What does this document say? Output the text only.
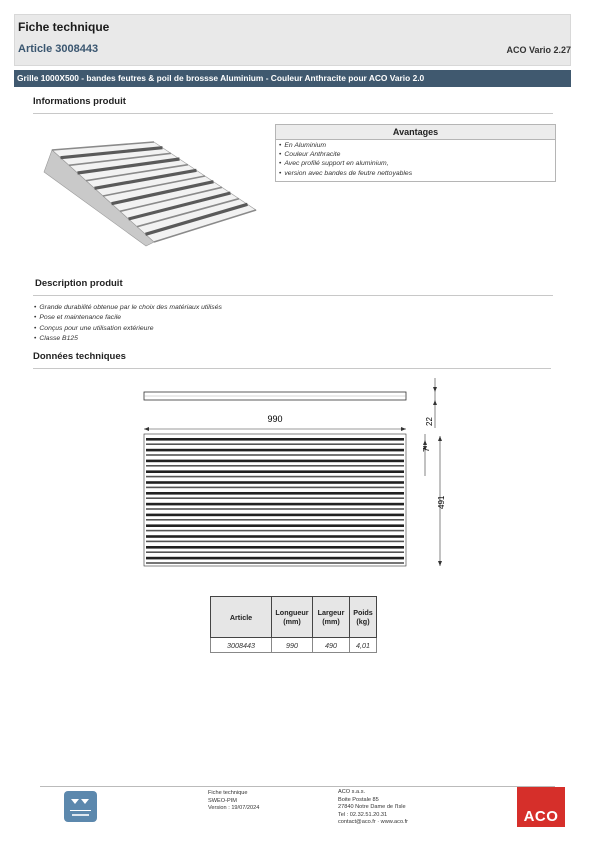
Fiche technique
Article 3008443	ACO Vario 2.27
Grille 1000X500 - bandes feutres & poil de brossse Aluminium - Couleur Anthracite pour ACO Vario 2.0
Informations produit
Avantages
• En Aluminium
• Couleur Anthracite
• Avec profilé support en aluminium,
• version avec bandes de feutre nettoyables
Description produit
• Grande durabilité obtenue par le choix des matériaux utilisés
• Pose et maintenance facile
• Conçus pour une utilisation extérieure
• Classe B125
Données techniques
990	22
7
491
Article	Longueur (mm)	Largeur (mm)	Poids (kg)
3008443	990	490	4,01
Fiche technique
SWEO-PIM
Version : 19/07/2024
ACO s.a.s.
Boite Postale 85
27840 Notre Dame de l'Isle
Tel : 02.32.51.20.31
contact@aco.fr · www.aco.fr	ACO
